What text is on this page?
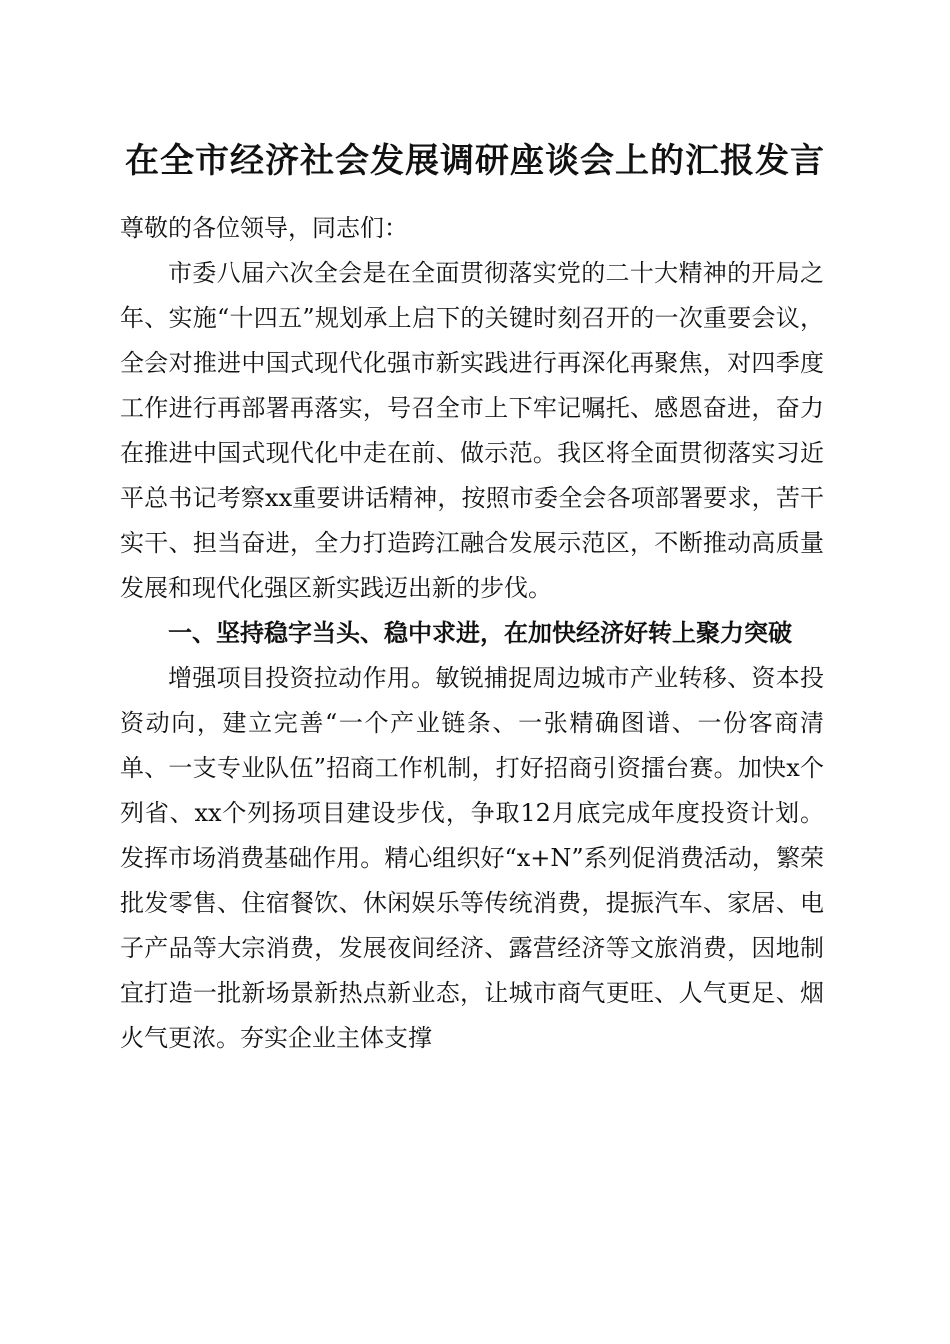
在全市经济社会发展调研座谈会上的汇报发言

尊敬的各位领导，同志们：

市委八届六次全会是在全面贯彻落实党的二十大精神的开局之年、实施“十四五”规划承上启下的关键时刻召开的一次重要会议，全会对推进中国式现代化强市新实践进行再深化再聚焦，对四季度工作进行再部署再落实，号召全市上下牢记嘱托、感恩奋进，奋力在推进中国式现代化中走在前、做示范。我区将全面贯彻落实习近平总书记考察xx重要讲话精神，按照市委全会各项部署要求，苦干实干、担当奋进，全力打造跨江融合发展示范区，不断推动高质量发展和现代化强区新实践迈出新的步伐。

一、坚持稳字当头、稳中求进，在加快经济好转上聚力突破

增强项目投资拉动作用。敏锐捕捉周边城市产业转移、资本投资动向，建立完善“一个产业链条、一张精确图谱、一份客商清单、一支专业队伍”招商工作机制，打好招商引资擂台赛。加快x个列省、xx个列扬项目建设步伐，争取12月底完成年度投资计划。发挥市场消费基础作用。精心组织好“x+N”系列促消费活动，繁荣批发零售、住宿餐饮、休闲娱乐等传统消费，提振汽车、家居、电子产品等大宗消费，发展夜间经济、露营经济等文旅消费，因地制宜打造一批新场景新热点新业态，让城市商气更旺、人气更足、烟火气更浓。夯实企业主体支撑
